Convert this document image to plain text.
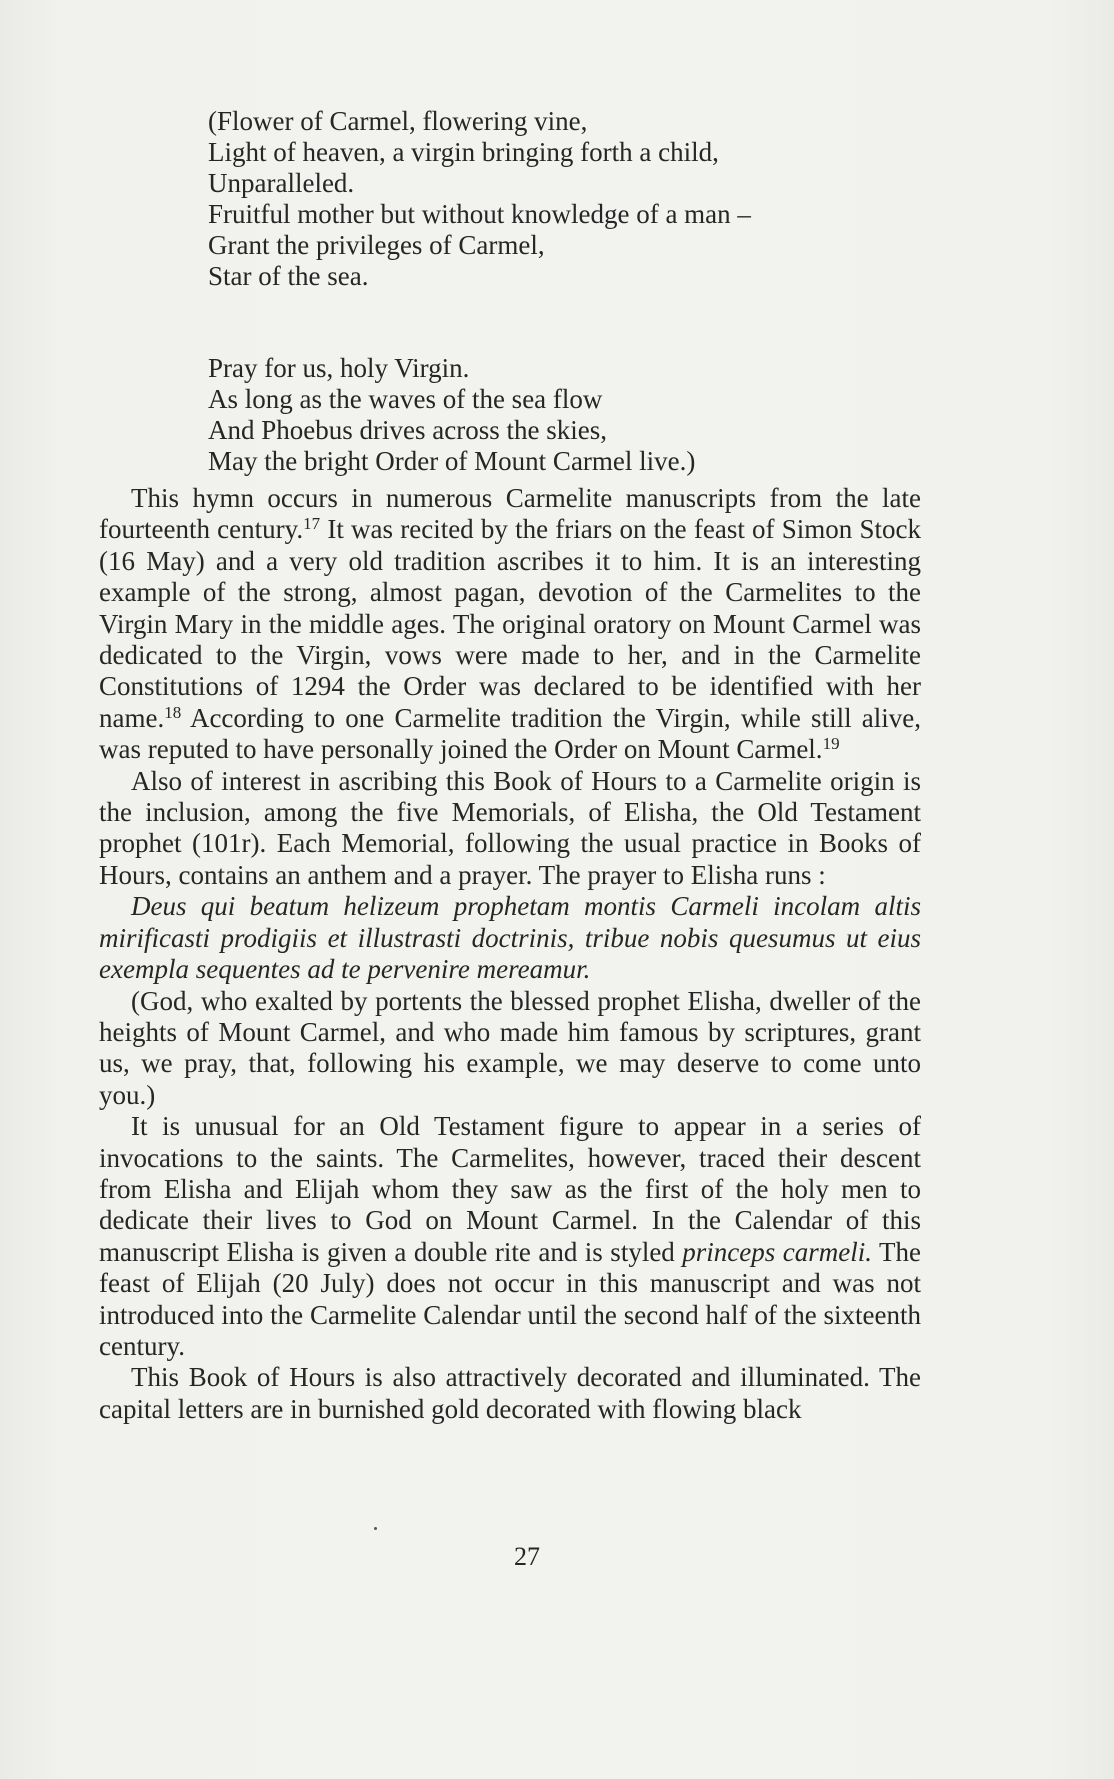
(Flower of Carmel, flowering vine,
Light of heaven, a virgin bringing forth a child,
Unparalleled.
Fruitful mother but without knowledge of a man –
Grant the privileges of Carmel,
Star of the sea.
Pray for us, holy Virgin.
As long as the waves of the sea flow
And Phoebus drives across the skies,
May the bright Order of Mount Carmel live.)

This hymn occurs in numerous Carmelite manuscripts from the late fourteenth century.$^{17}$ It was recited by the friars on the feast of Simon Stock (16 May) and a very old tradition ascribes it to him. It is an interesting example of the strong, almost pagan, devotion of the Carmelites to the Virgin Mary in the middle ages. The original oratory on Mount Carmel was dedicated to the Virgin, vows were made to her, and in the Carmelite Constitutions of 1294 the Order was declared to be identified with her name.$^{18}$ According to one Carmelite tradition the Virgin, while still alive, was reputed to have personally joined the Order on Mount Carmel.$^{19}$

Also of interest in ascribing this Book of Hours to a Carmelite origin is the inclusion, among the five Memorials, of Elisha, the Old Testament prophet (101r). Each Memorial, following the usual practice in Books of Hours, contains an anthem and a prayer. The prayer to Elisha runs :

Deus qui beatum helizeum prophetam montis Carmeli incolam altis mirificasti prodigiis et illustrasti doctrinis, tribue nobis quesumus ut eius exempla sequentes ad te pervenire mereamur.

(God, who exalted by portents the blessed prophet Elisha, dweller of the heights of Mount Carmel, and who made him famous by scriptures, grant us, we pray, that, following his example, we may deserve to come unto you.)

It is unusual for an Old Testament figure to appear in a series of invocations to the saints. The Carmelites, however, traced their descent from Elisha and Elijah whom they saw as the first of the holy men to dedicate their lives to God on Mount Carmel. In the Calendar of this manuscript Elisha is given a double rite and is styled princeps carmeli. The feast of Elijah (20 July) does not occur in this manuscript and was not introduced into the Carmelite Calendar until the second half of the sixteenth century.

This Book of Hours is also attractively decorated and illuminated. The capital letters are in burnished gold decorated with flowing black

27
